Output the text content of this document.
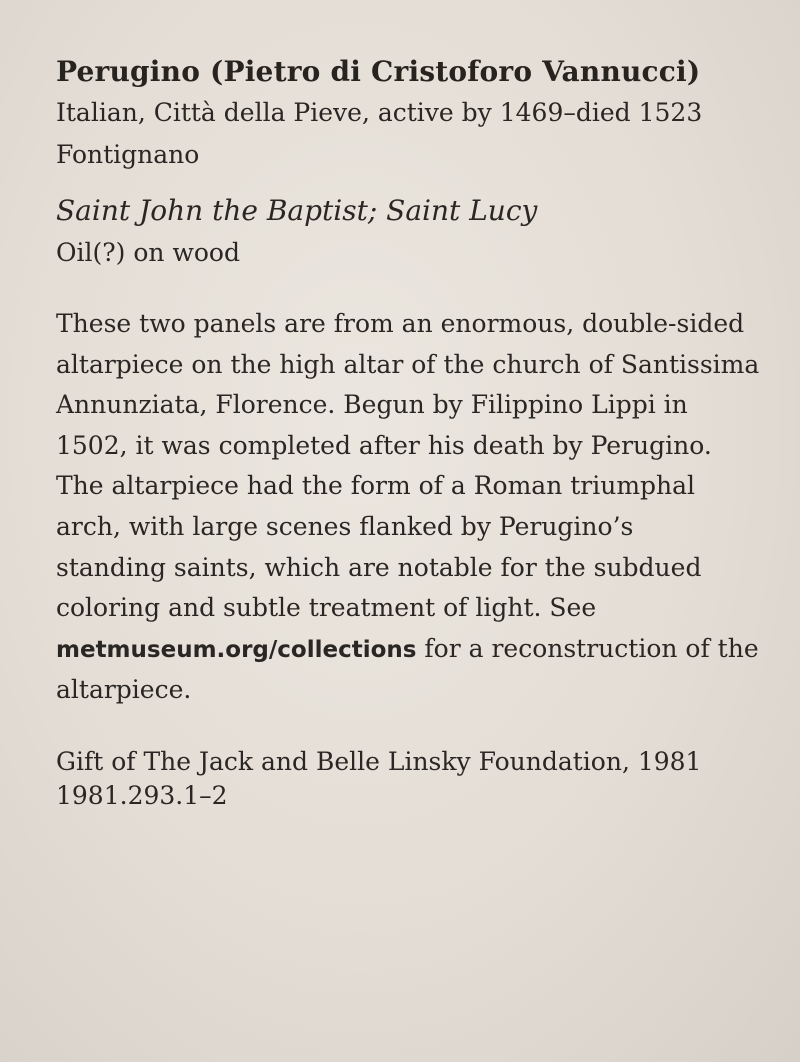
Perugino (Pietro di Cristoforo Vannucci)
Italian, Città della Pieve, active by 1469–died 1523
Fontignano
Saint John the Baptist; Saint Lucy
Oil(?) on wood
These two panels are from an enormous, double-sided
altarpiece on the high altar of the church of Santissima
Annunziata, Florence. Begun by Filippino Lippi in
1502, it was completed after his death by Perugino.
The altarpiece had the form of a Roman triumphal
arch, with large scenes flanked by Perugino’s
standing saints, which are notable for the subdued
coloring and subtle treatment of light. See
metmuseum.org/collections for a reconstruction of the
altarpiece.
Gift of The Jack and Belle Linsky Foundation, 1981
1981.293.1–2
